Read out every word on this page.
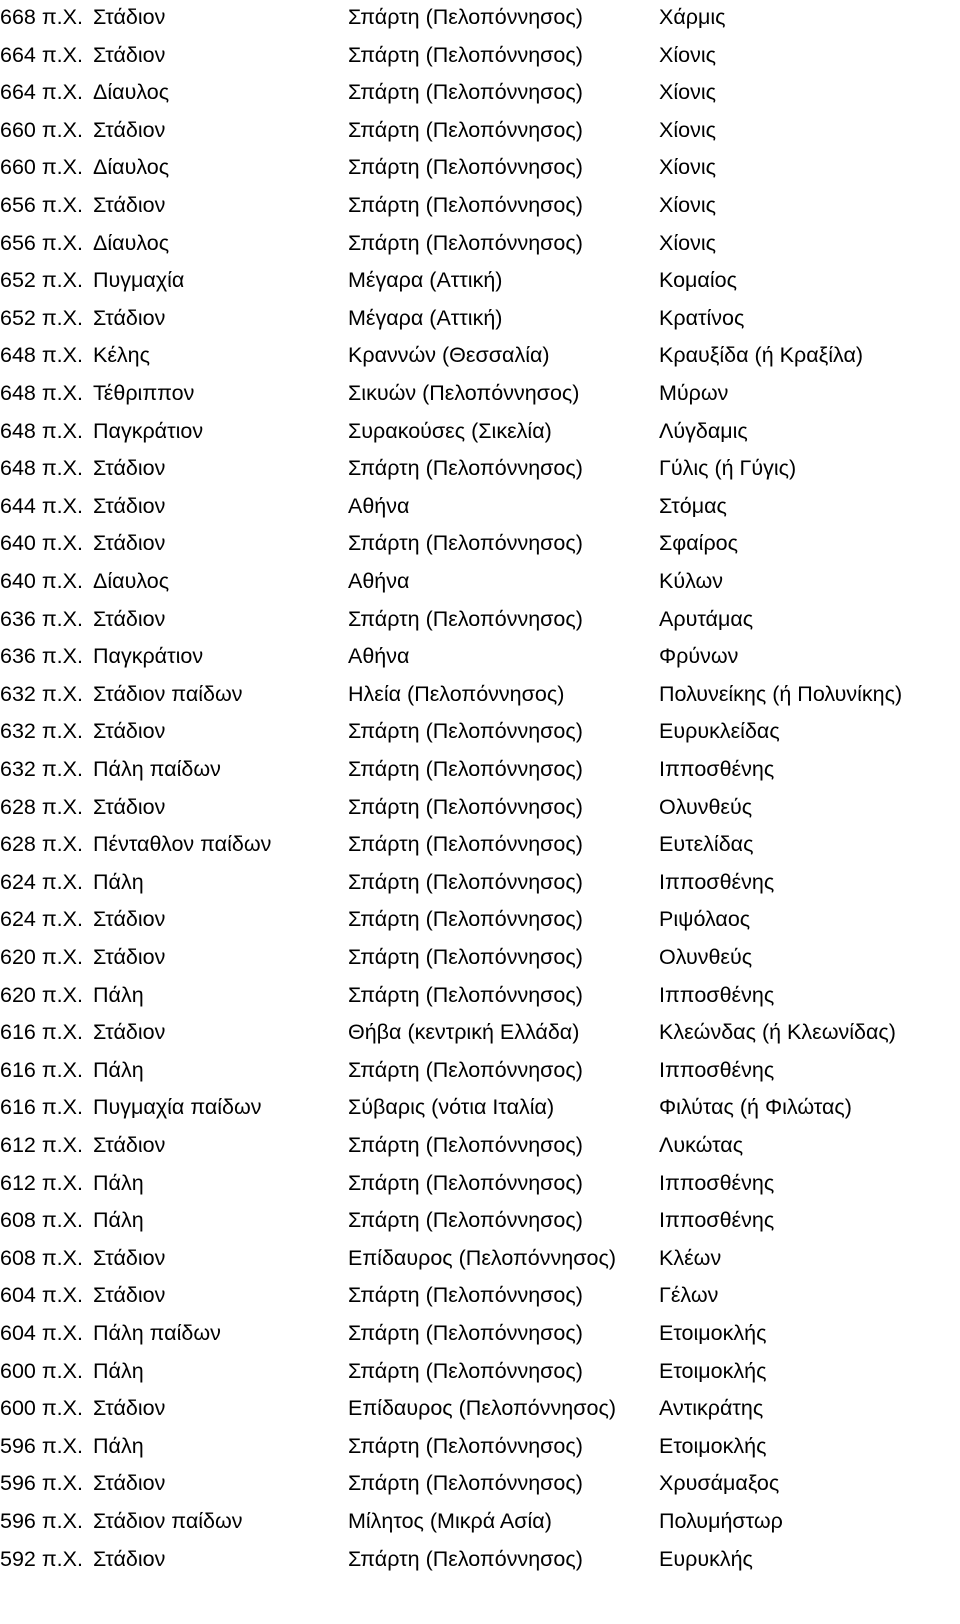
668 π.Χ. Στάδιον	Σπάρτη (Πελοπόννησος)	Χάρμις
664 π.Χ. Στάδιον	Σπάρτη (Πελοπόννησος)	Χίονις
664 π.Χ. Δίαυλος	Σπάρτη (Πελοπόννησος)	Χίονις
660 π.Χ. Στάδιον	Σπάρτη (Πελοπόννησος)	Χίονις
660 π.Χ. Δίαυλος	Σπάρτη (Πελοπόννησος)	Χίονις
656 π.Χ. Στάδιον	Σπάρτη (Πελοπόννησος)	Χίονις
656 π.Χ. Δίαυλος	Σπάρτη (Πελοπόννησος)	Χίονις
652 π.Χ. Πυγμαχία	Μέγαρα (Αττική)	Κομαίος
652 π.Χ. Στάδιον	Μέγαρα (Αττική)	Κρατίνος
648 π.Χ. Κέλης	Κραννών (Θεσσαλία)	Κραυξίδα (ή Κραξίλα)
648 π.Χ. Τέθριππον	Σικυών (Πελοπόννησος)	Μύρων
648 π.Χ. Παγκράτιον	Συρακούσες (Σικελία)	Λύγδαμις
648 π.Χ. Στάδιον	Σπάρτη (Πελοπόννησος)	Γύλις (ή Γύγις)
644 π.Χ. Στάδιον	Αθήνα	Στόμας
640 π.Χ. Στάδιον	Σπάρτη (Πελοπόννησος)	Σφαίρος
640 π.Χ. Δίαυλος	Αθήνα	Κύλων
636 π.Χ. Στάδιον	Σπάρτη (Πελοπόννησος)	Αρυτάμας
636 π.Χ. Παγκράτιον	Αθήνα	Φρύνων
632 π.Χ. Στάδιον παίδων	Ηλεία (Πελοπόννησος)	Πολυνείκης (ή Πολυνίκης)
632 π.Χ. Στάδιον	Σπάρτη (Πελοπόννησος)	Ευρυκλείδας
632 π.Χ. Πάλη παίδων	Σπάρτη (Πελοπόννησος)	Ιπποσθένης
628 π.Χ. Στάδιον	Σπάρτη (Πελοπόννησος)	Ολυνθεύς
628 π.Χ. Πένταθλον παίδων	Σπάρτη (Πελοπόννησος)	Ευτελίδας
624 π.Χ. Πάλη	Σπάρτη (Πελοπόννησος)	Ιπποσθένης
624 π.Χ. Στάδιον	Σπάρτη (Πελοπόννησος)	Ριψόλαος
620 π.Χ. Στάδιον	Σπάρτη (Πελοπόννησος)	Ολυνθεύς
620 π.Χ. Πάλη	Σπάρτη (Πελοπόννησος)	Ιπποσθένης
616 π.Χ. Στάδιον	Θήβα (κεντρική Ελλάδα)	Κλεώνδας (ή Κλεωνίδας)
616 π.Χ. Πάλη	Σπάρτη (Πελοπόννησος)	Ιπποσθένης
616 π.Χ. Πυγμαχία παίδων	Σύβαρις (νότια Ιταλία)	Φιλύτας (ή Φιλώτας)
612 π.Χ. Στάδιον	Σπάρτη (Πελοπόννησος)	Λυκώτας
612 π.Χ. Πάλη	Σπάρτη (Πελοπόννησος)	Ιπποσθένης
608 π.Χ. Πάλη	Σπάρτη (Πελοπόννησος)	Ιπποσθένης
608 π.Χ. Στάδιον	Επίδαυρος (Πελοπόννησος) Κλέων
604 π.Χ. Στάδιον	Σπάρτη (Πελοπόννησος)	Γέλων
604 π.Χ. Πάλη παίδων	Σπάρτη (Πελοπόννησος)	Ετοιμοκλής
600 π.Χ. Πάλη	Σπάρτη (Πελοπόννησος)	Ετοιμοκλής
600 π.Χ. Στάδιον	Επίδαυρος (Πελοπόννησος) Αντικράτης
596 π.Χ. Πάλη	Σπάρτη (Πελοπόννησος)	Ετοιμοκλής
596 π.Χ. Στάδιον	Σπάρτη (Πελοπόννησος)	Χρυσάμαξος
596 π.Χ. Στάδιον παίδων	Μίλητος (Μικρά Ασία)	Πολυμήστωρ
592 π.Χ. Στάδιον	Σπάρτη (Πελοπόννησος)	Ευρυκλής
